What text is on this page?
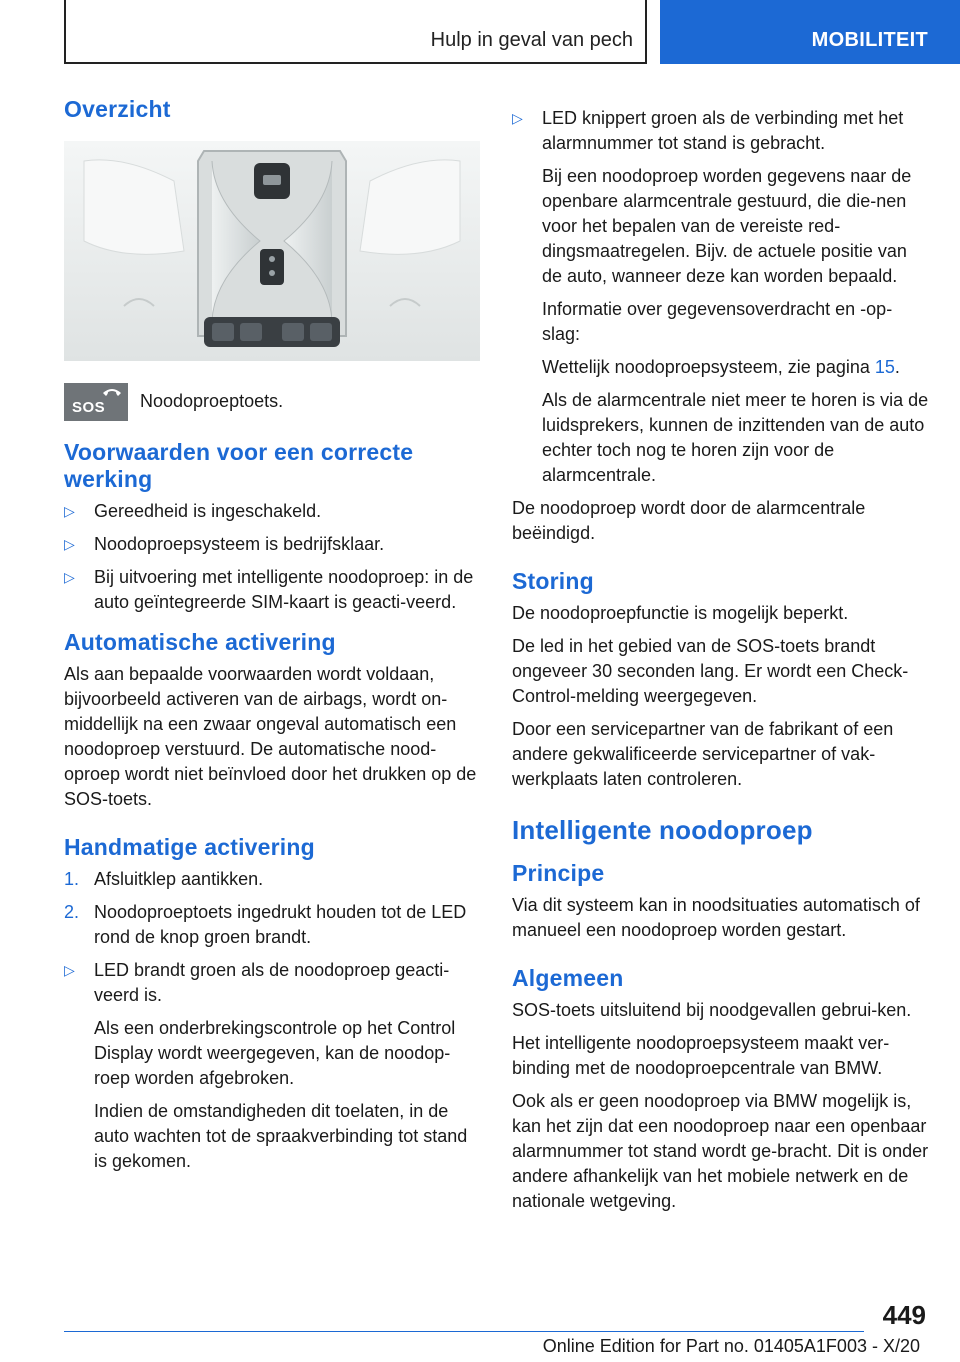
Hulp in geval van pech	MOBILITEIT
Overzicht
SOS Noodoproeptoets.
Voorwaarden voor een correcte werking
▷ Gereedheid is ingeschakeld.
▷ Noodoproepsysteem is bedrijfsklaar.
▷ Bij uitvoering met intelligente noodoproep: in de auto geïntegreerde SIM-kaart is geacti‐veerd.
Automatische activering

Als aan bepaalde voorwaarden wordt voldaan, bijvoorbeeld activeren van de airbags, wordt on‐middellijk na een zwaar ongeval automatisch een noodoproep verstuurd. De automatische nood‐oproep wordt niet beïnvloed door het drukken op de SOS-toets.

Handmatige activering
1. Afsluitklep aantikken.
2. Noodoproeptoets ingedrukt houden tot de LED rond de knop groen brandt.
▷ LED brandt groen als de noodoproep geacti‐veerd is.
Als een onderbrekingscontrole op het Control Display wordt weergegeven, kan de noodop‐roep worden afgebroken.
Indien de omstandigheden dit toelaten, in de auto wachten tot de spraakverbinding tot stand is gekomen.
▷ LED knippert groen als de verbinding met het alarmnummer tot stand is gebracht.
Bij een noodoproep worden gegevens naar de openbare alarmcentrale gestuurd, die die‐nen voor het bepalen van de vereiste red‐dingsmaatregelen. Bijv. de actuele positie van de auto, wanneer deze kan worden bepaald.
Informatie over gegevensoverdracht en -op‐slag:
Wettelijk noodoproepsysteem, zie pagina 15.
Als de alarmcentrale niet meer te horen is via de luidsprekers, kunnen de inzittenden van de auto echter toch nog te horen zijn voor de alarmcentrale.

De noodoproep wordt door de alarmcentrale beëindigd.

Storing

De noodoproepfunctie is mogelijk beperkt.

De led in het gebied van de SOS-toets brandt ongeveer 30 seconden lang. Er wordt een Check-Control-melding weergegeven.

Door een servicepartner van de fabrikant of een andere gekwalificeerde servicepartner of vak‐werkplaats laten controleren.

Intelligente noodoproep
Principe

Via dit systeem kan in noodsituaties automatisch of manueel een noodoproep worden gestart.

Algemeen

SOS-toets uitsluitend bij noodgevallen gebrui‐ken.

Het intelligente noodoproepsysteem maakt ver‐binding met de noodoproepcentrale van BMW.

Ook als er geen noodoproep via BMW mogelijk is, kan het zijn dat een noodoproep naar een openbaar alarmnummer tot stand wordt ge‐bracht. Dit is onder andere afhankelijk van het mobiele netwerk en de nationale wetgeving.

449
Online Edition for Part no. 01405A1F003 - X/20
